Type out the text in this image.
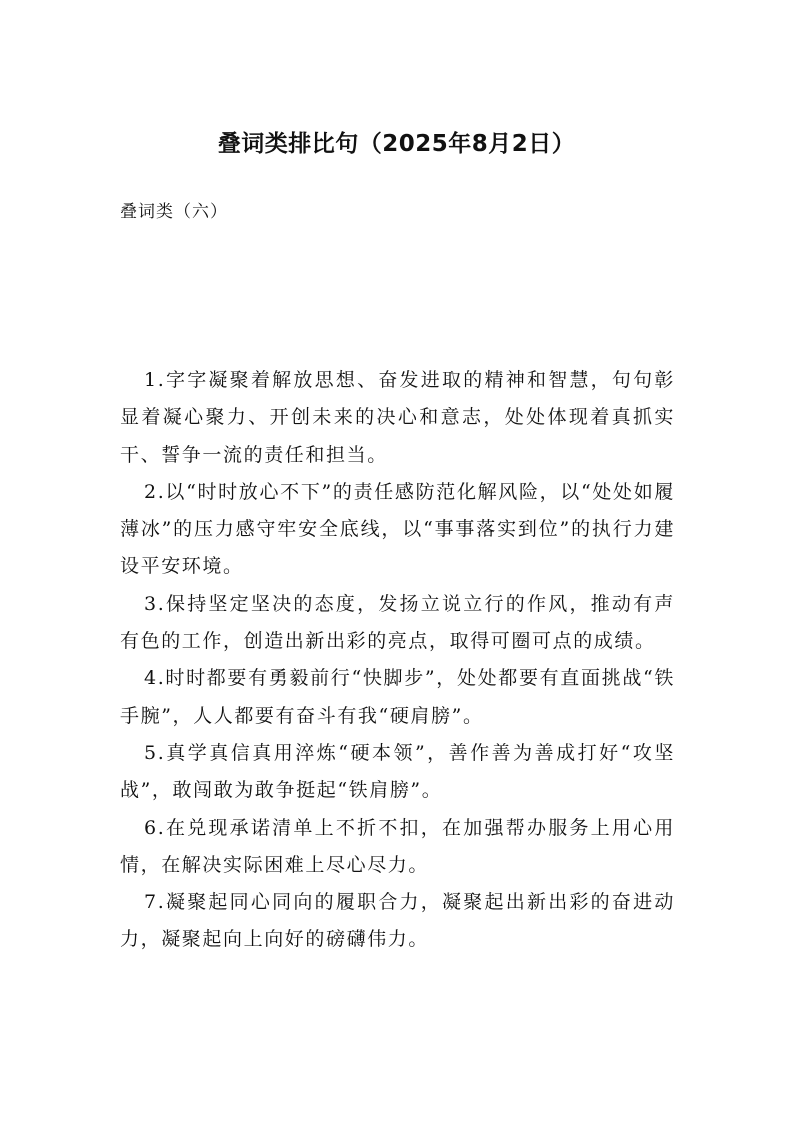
叠词类排比句（2025年8月2日）

叠词类（六）

1.字字凝聚着解放思想、奋发进取的精神和智慧，句句彰显着凝心聚力、开创未来的决心和意志，处处体现着真抓实干、誓争一流的责任和担当。
2.以“时时放心不下”的责任感防范化解风险，以“处处如履薄冰”的压力感守牢安全底线，以“事事落实到位”的执行力建设平安环境。
3.保持坚定坚决的态度，发扬立说立行的作风，推动有声有色的工作，创造出新出彩的亮点，取得可圈可点的成绩。
4.时时都要有勇毅前行“快脚步”，处处都要有直面挑战“铁手腕”，人人都要有奋斗有我“硬肩膀”。
5.真学真信真用淬炼“硬本领”，善作善为善成打好“攻坚战”，敢闯敢为敢争挺起“铁肩膀”。
6.在兑现承诺清单上不折不扣，在加强帮办服务上用心用情，在解决实际困难上尽心尽力。
7.凝聚起同心同向的履职合力，凝聚起出新出彩的奋进动力，凝聚起向上向好的磅礴伟力。
